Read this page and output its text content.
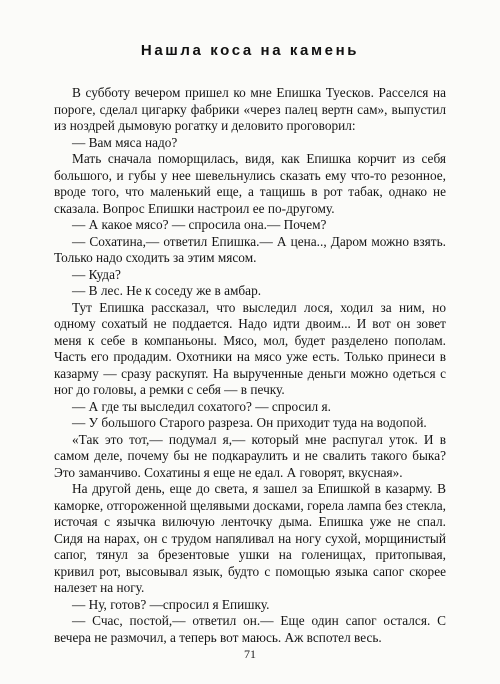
Нашла коса на камень

В субботу вечером пришел ко мне Епишка Туесков. Расселся на пороге, сделал цигарку фабрики «через палец вертн сам», выпустил из ноздрей дымовую рогатку и деловито проговорил:

— Вам мяса надо?

Мать сначала поморщилась, видя, как Епишка корчит из себя большого, и губы у нее шевельнулись сказать ему что-то резонное, вроде того, что маленький еще, а тащишь в рот табак, однако не сказала. Вопрос Епишки настроил ее по-другому.

— А какое мясо? — спросила она.— Почем?

— Сохатина,— ответил Епишка.— А цена.., Даром можно взять. Только надо сходить за этим мясом.

— Куда?

— В лес. Не к соседу же в амбар.

Тут Епишка рассказал, что выследил лося, ходил за ним, но одному сохатый не поддается. Надо идти двоим... И вот он зовет меня к себе в компаньоны. Мясо, мол, будет разделено пополам. Часть его продадим. Охотники на мясо уже есть. Только принеси в казарму — сразу раскупят. На вырученные деньги можно одеться с ног до головы, а ремки с себя — в печку.

— А где ты выследил сохатого? — спросил я.

— У большого Старого разреза. Он приходит туда на водопой.

«Так это тот,— подумал я,— который мне распугал уток. И в самом деле, почему бы не подкараулить и не свалить такого быка? Это заманчиво. Сохатины я еще не едал. А говорят, вкусная».

На другой день, еще до света, я зашел за Епишкой в казарму. В каморке, отгороженной щелявыми досками, горела лампа без стекла, источая с язычка вилючую ленточку дыма. Епишка уже не спал. Сидя на нарах, он с трудом напяливал на ногу сухой, морщинистый сапог, тянул за брезентовые ушки на голенищах, притопывая, кривил рот, высовывал язык, будто с помощью языка сапог скорее налезет на ногу.

— Ну, готов? —спросил я Епишку.

— Счас, постой,— ответил он.— Еще один сапог остался. С вечера не размочил, а теперь вот маюсь. Аж вспотел весь.

71
